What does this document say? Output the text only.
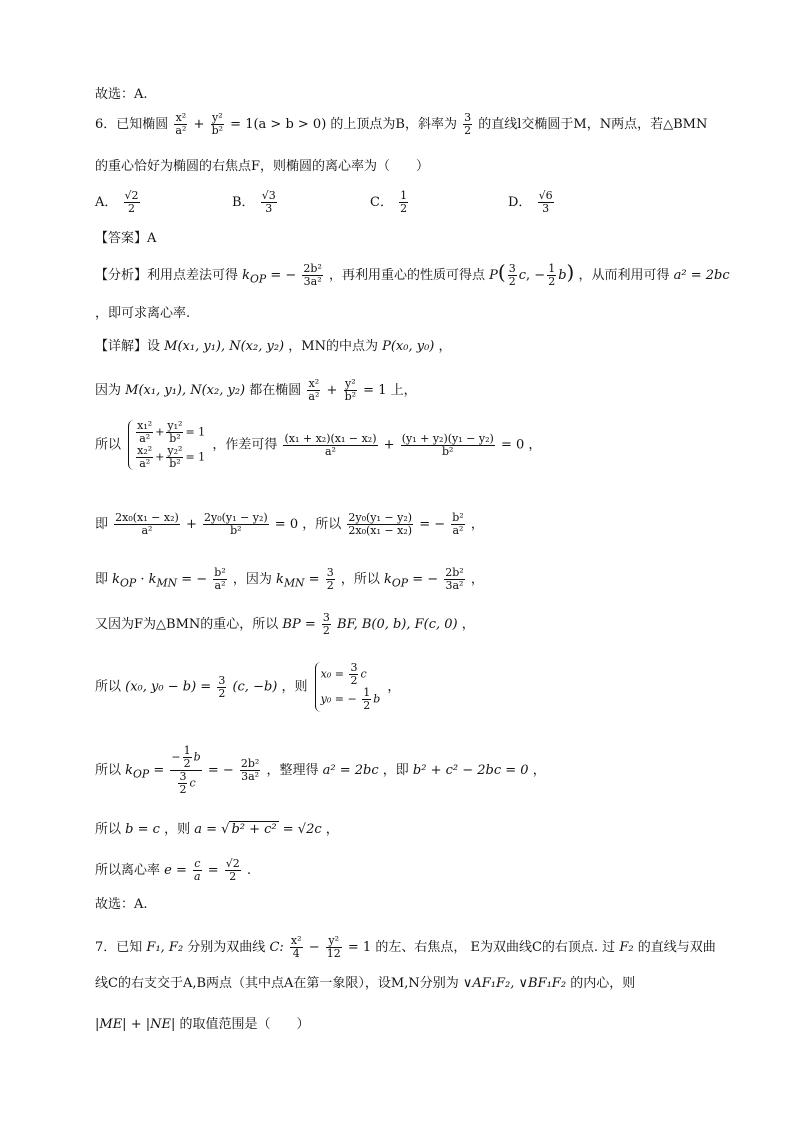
故选：A.
6．已知椭圆 $\frac{\text{x²}}{\text{a²}} + \frac{\text{y²}}{\text{b²}} = 1(a > b > 0)$ 的上顶点为B，斜率为 $\frac{3}{2}$ 的直线l交椭圆于M，N两点，若△BMN
的重心恰好为椭圆的右焦点F，则椭圆的离心率为（　　）
A． $\frac{√2}{2}$	B． $\frac{√3}{3}$	C． $\frac{1}{2}$	D． $\frac{√6}{3}$
【答案】A
【分析】利用点差法可得 $k_{OP}$ = − $\frac{\text{2b²}}{\text{3a²}}$ ，再利用重心的性质可得点 $P( \frac{3}{2} c$, − $\frac{1}{2} b$) ，从而利用可得 a² = 2bc
，即可求离心率.
【详解】设 M(x₁, y₁), N(x₂, y₂) ，MN的中点为 P(x₀, y₀) ，
因为 M(x₁, y₁), N(x₂, y₂) 都在椭圆 $\frac{\text{x²}}{\text{a²}} + \frac{\text{y²}}{\text{b²}} = 1$ 上，
所以 $\frac{\text{x₁²}}{\text{a²}} + \frac{\text{y₁²}}{\text{b²}} = 1$
$\frac{\text{x₂²}}{\text{a²}} + \frac{\text{y₂²}}{\text{b²}} = 1$
，作差可得 $\frac{\text{(x₁ + x₂)(x₁ − x₂)}}{\text{a²}} + \frac{\text{(y₁ + y₂)(y₁ − y₂)}}{\text{b²}} = 0$ ，
即 $\frac{\text{2x₀(x₁ − x₂)}}{\text{a²}} + \frac{\text{2y₀(y₁ − y₂)}}{\text{b²}} = 0$ ，所以 $\frac{\text{2y₀(y₁ − y₂)}}{\text{2x₀(x₁ − x₂)}}$ = − $\frac{\text{b²}}{\text{a²}}$ ，
即 $k_{OP} \cdot k_{MN}$ = − $\frac{\text{b²}}{\text{a²}}$ ，因为 $k_{MN} = \frac{3}{2}$ ，所以 $k_{OP}$ = − $\frac{\text{2b²}}{\text{3a²}}$ ，
又因为F为△BMN的重心，所以 BP = $\frac{3}{2}$ BF, B(0, b), F(c, 0) ，
所以 (x₀, $y_0 - b) = \frac{3}{2} (c$, −b) ，则
$x_0 = \frac{3}{2}$ c
y₀ = − $\frac{1}{2}$ b
，
所以 $k_{OP} = \frac{- \frac{1}{2} b}{\frac{3}{2} c}$ = − $\frac{\text{2b²}}{\text{3a²}}$ ，整理得 a² = 2bc ，即 b² + c² − 2bc = 0 ，
所以 b = c ，则 a = √ b² + c² = √2c ，
所以离心率 $e = \frac{c}{a} = \frac{√2}{2}$ .
故选：A.
7．已知 F₁, F₂ 分别为双曲线 C: $\frac{\text{x²}}{4} - \frac{\text{y²}}{12} = 1$ 的左、右焦点， E为双曲线C的右顶点. 过 F₂ 的直线与双曲
线C的右支交于A,B两点（其中点A在第一象限），设M,N分别为 ∨AF₁F₂, ∨BF₁F₂ 的内心，则
|ME| + |NE| 的取值范围是（　　）
